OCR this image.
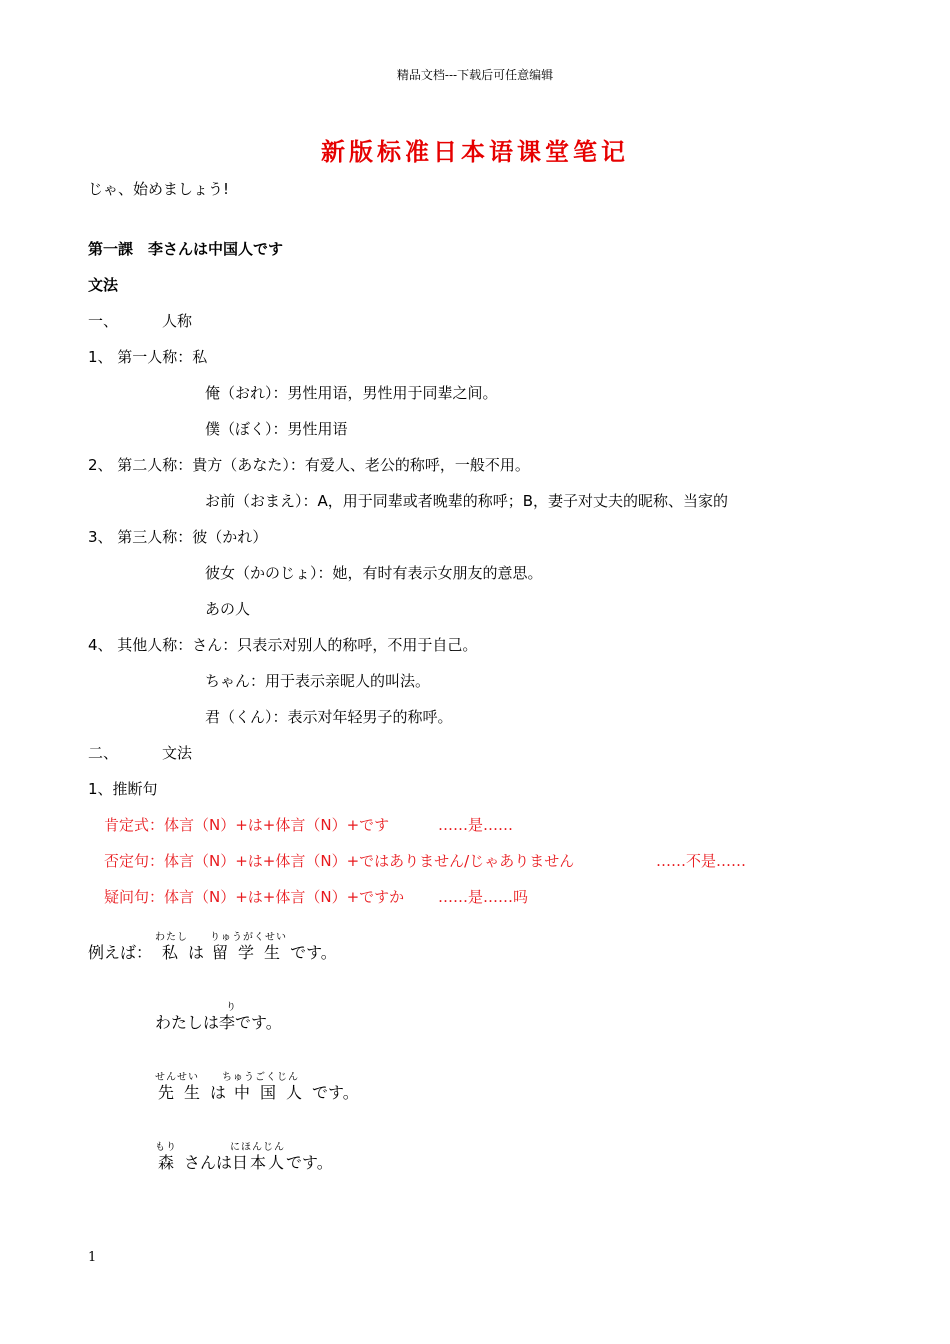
精品文档---下载后可任意编辑
新版标准日本语课堂笔记
じゃ、始めましょう!
第一課　李さんは中国人です
文法
一、	人称
1、 第一人称：私
俺（おれ）：男性用语，男性用于同辈之间。
僕（ぼく）：男性用语
2、 第二人称：貴方（あなた）：有爱人、老公的称呼，一般不用。
お前（おまえ）：A，用于同辈或者晚辈的称呼；B，妻子对丈夫的昵称、当家的
3、 第三人称：彼（かれ）
彼女（かのじょ）：她，有时有表示女朋友的意思。
あの人
4、 其他人称：さん：只表示对别人的称呼，不用于自己。
ちゃん：用于表示亲昵人的叫法。
君（くん）：表示对年轻男子的称呼。
二、	文法
1、推断句
肯定式：体言（N）+は+体言（N）+です	……是……
否定句：体言（N）+は+体言（N）+ではありません/じゃありません	……不是……
疑问句：体言（N）+は+体言（N）+ですか ……是……吗
わたし りゅうがくせい
例えば： 私は 留学生です。
り
わたしは李です。
せんせい ちゅうごくじん
先生は 中国人です。
もり	にほんじん
森さんは日本人です。
1
